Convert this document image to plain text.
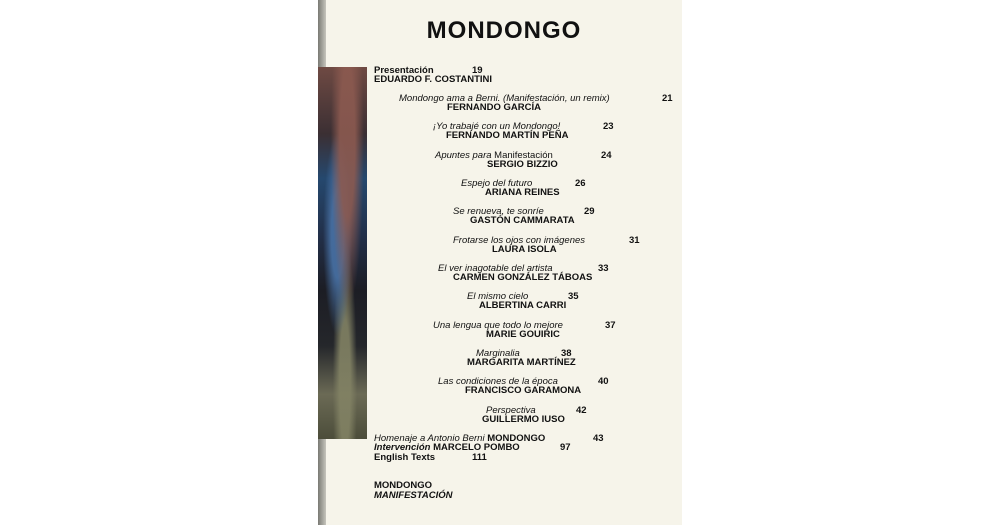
MONDONGO
Presentación	19
EDUARDO F. COSTANTINI
Mondongo ama a Berni. (Manifestación, un remix)	21
FERNANDO GARCÍA
¡Yo trabajé con un Mondongo!	23
FERNANDO MARTÍN PEÑA
Apuntes para Manifestación	24
SERGIO BIZZIO
Espejo del futuro	26
ARIANA REINES
Se renueva, te sonríe	29
GASTÓN CAMMARATA
Frotarse los ojos con imágenes	31
LAURA ISOLA
El ver inagotable del artista	33
CARMEN GONZÁLEZ TÁBOAS
El mismo cielo	35
ALBERTINA CARRI
Una lengua que todo lo mejore	37
MARIE GOUIRIC
Marginalia	38
MARGARITA MARTÍNEZ
Las condiciones de la época	40
FRANCISCO GARAMONA
Perspectiva	42
GUILLERMO IUSO
Homenaje a Antonio Berni MONDONGO	43
Intervención MARCELO POMBO	97
English Texts	111
MONDONGO
MANIFESTACIÓN
